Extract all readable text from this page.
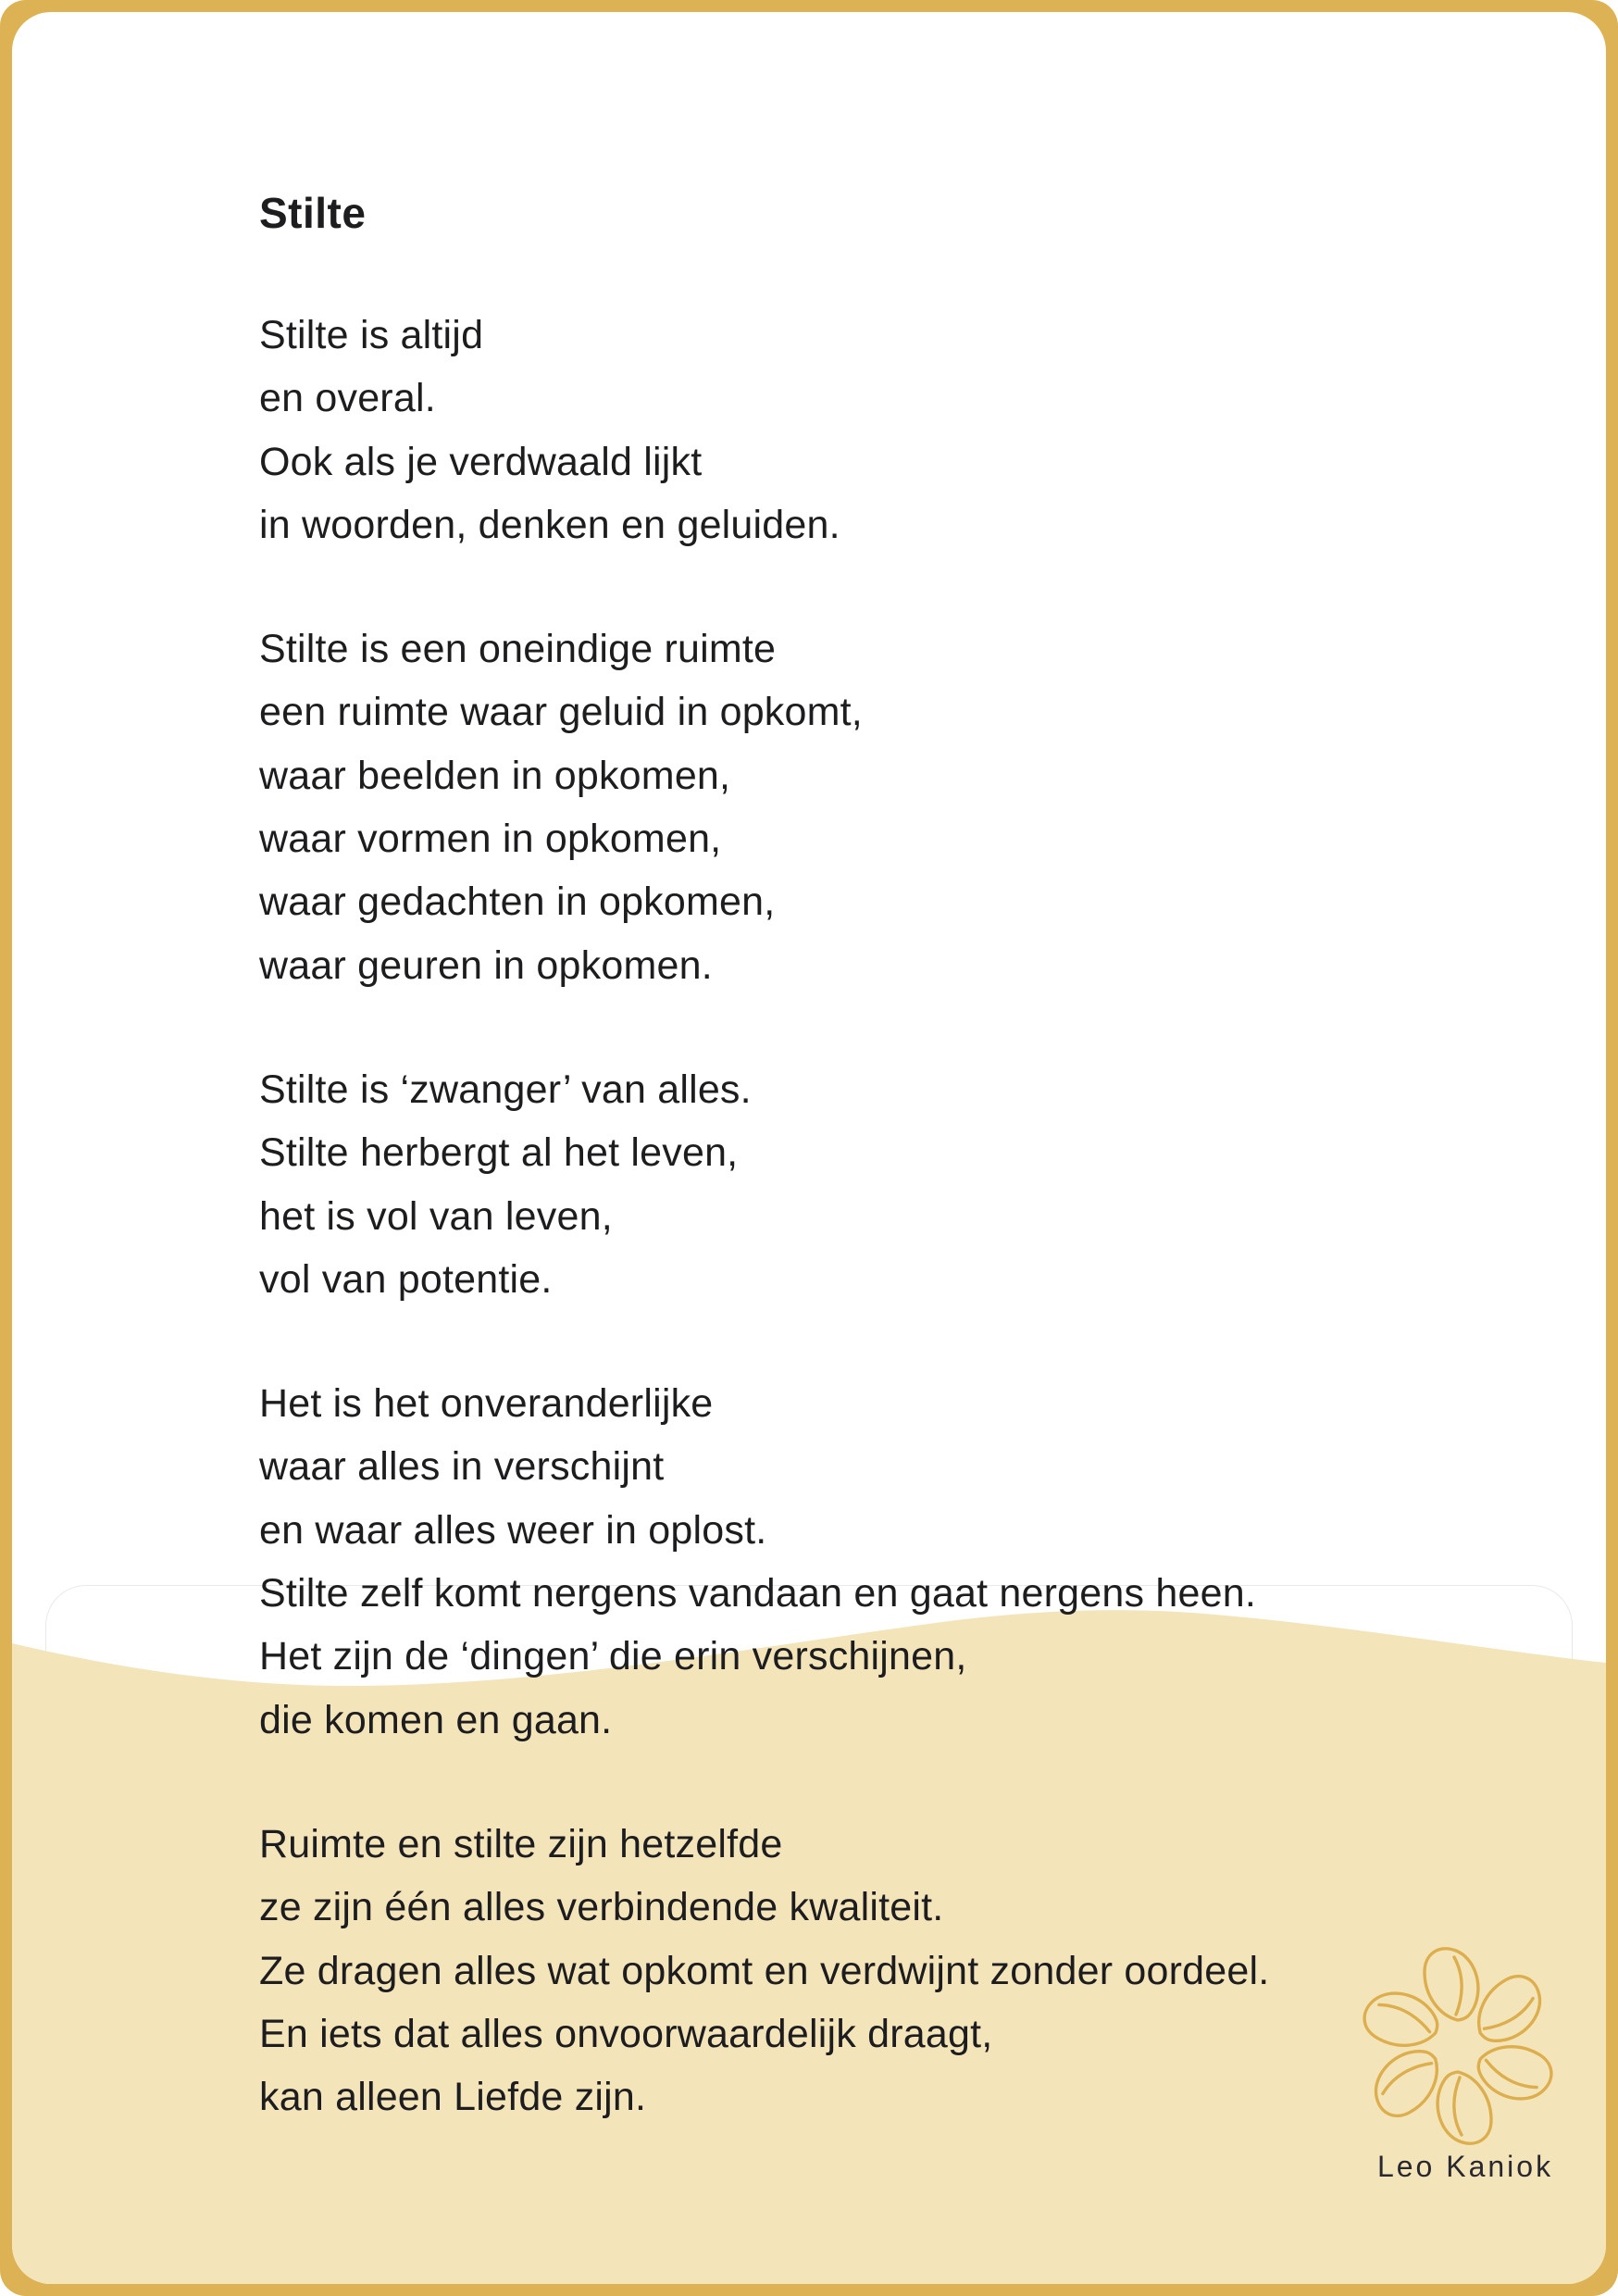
Stilte

Stilte is altijd
en overal.
Ook als je verdwaald lijkt
in woorden, denken en geluiden.

Stilte is een oneindige ruimte
een ruimte waar geluid in opkomt,
waar beelden in opkomen,
waar vormen in opkomen,
waar gedachten in opkomen,
waar geuren in opkomen.

Stilte is ‘zwanger’ van alles.
Stilte herbergt al het leven,
het is vol van leven,
vol van potentie.

Het is het onveranderlijke
waar alles in verschijnt
en waar alles weer in oplost.
Stilte zelf komt nergens vandaan en gaat nergens heen.
Het zijn de ‘dingen’ die erin verschijnen,
die komen en gaan.

Ruimte en stilte zijn hetzelfde
ze zijn één alles verbindende kwaliteit.
Ze dragen alles wat opkomt en verdwijnt zonder oordeel.
En iets dat alles onvoorwaardelijk draagt,
kan alleen Liefde zijn.

Leo Kaniok
